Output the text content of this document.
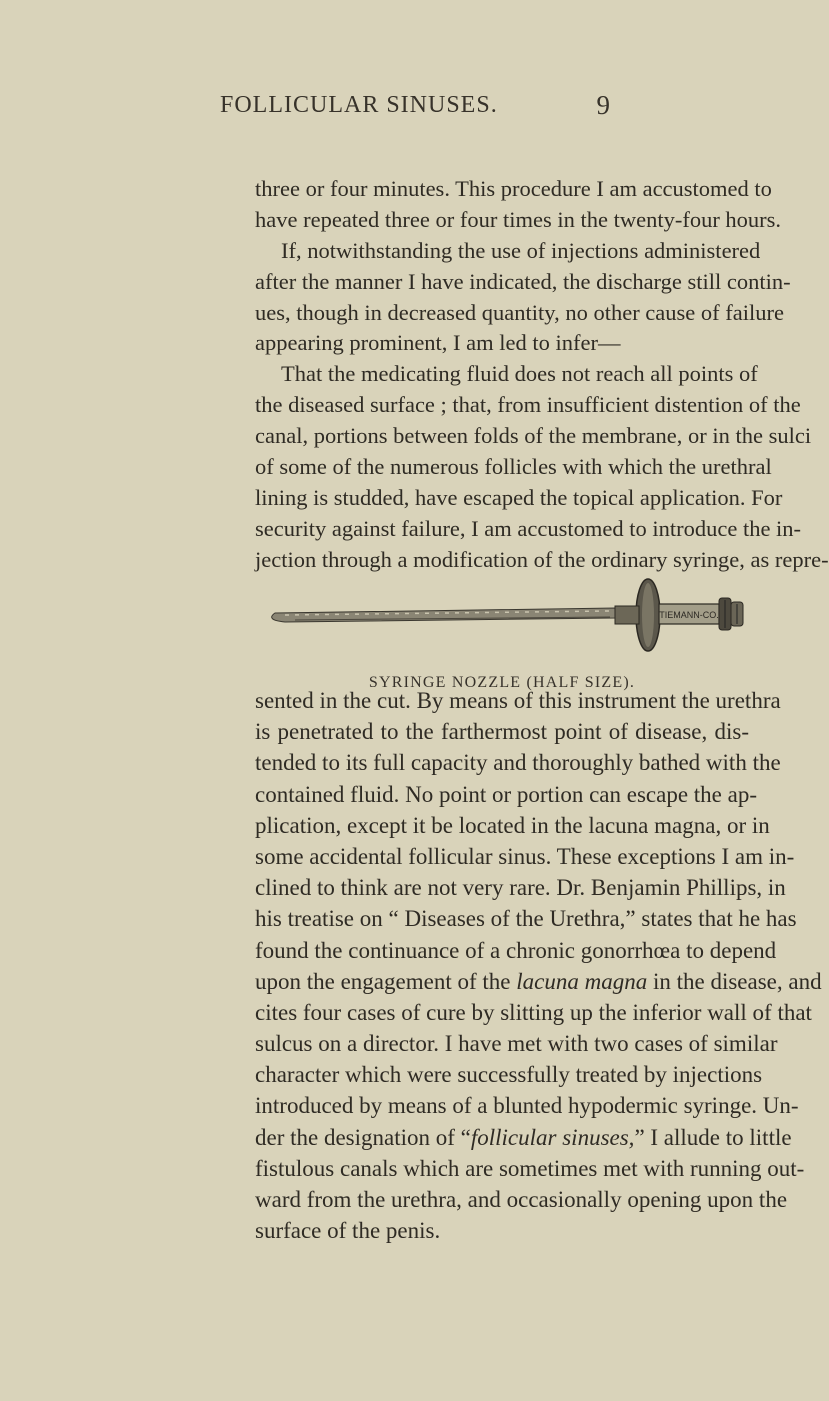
FOLLICULAR SINUSES.	9
three or four minutes. This procedure I am accustomed to
have repeated three or four times in the twenty-four hours.
If, notwithstanding the use of injections administered
after the manner I have indicated, the discharge still contin-
ues, though in decreased quantity, no other cause of failure
appearing prominent, I am led to infer—
That the medicating fluid does not reach all points of
the diseased surface ; that, from insufficient distention of the
canal, portions between folds of the membrane, or in the sulci
of some of the numerous follicles with which the urethral
lining is studded, have escaped the topical application. For
security against failure, I am accustomed to introduce the in-
jection through a modification of the ordinary syringe, as repre-
TIEMANN-CO.
SYRINGE NOZZLE (HALF SIZE).
sented in the cut. By means of this instrument the urethra
is penetrated to the farthermost point of disease, dis-
tended to its full capacity and thoroughly bathed with the
contained fluid. No point or portion can escape the ap-
plication, except it be located in the lacuna magna, or in
some accidental follicular sinus. These exceptions I am in-
clined to think are not very rare. Dr. Benjamin Phillips, in
his treatise on “ Diseases of the Urethra,” states that he has
found the continuance of a chronic gonorrhœa to depend
upon the engagement of the lacuna magna in the disease, and
cites four cases of cure by slitting up the inferior wall of that
sulcus on a director. I have met with two cases of similar
character which were successfully treated by injections
introduced by means of a blunted hypodermic syringe. Un-
der the designation of “follicular sinuses,” I allude to little
fistulous canals which are sometimes met with running out-
ward from the urethra, and occasionally opening upon the
surface of the penis.
